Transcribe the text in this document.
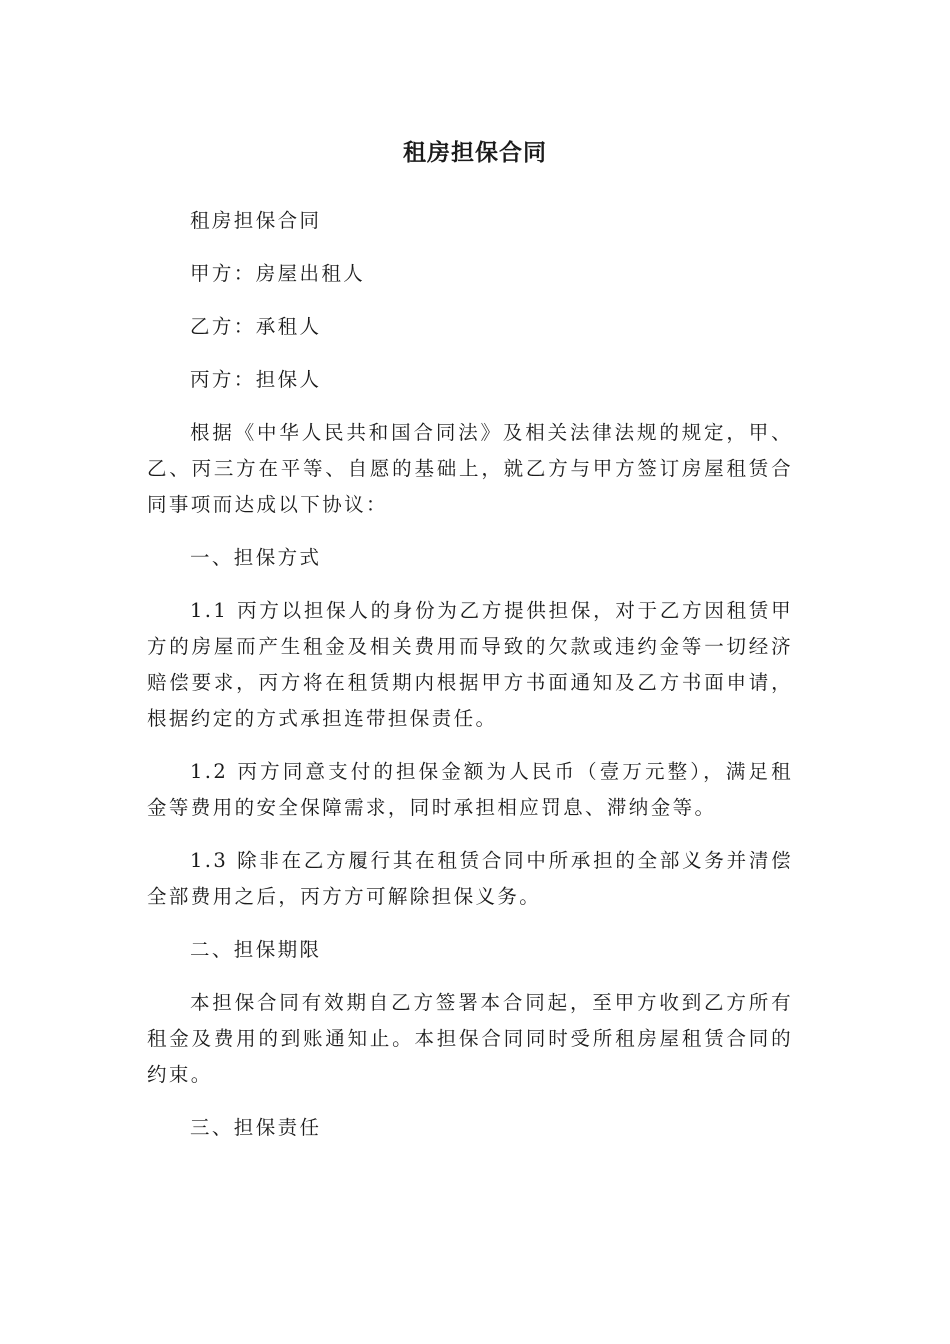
租房担保合同

租房担保合同

甲方：房屋出租人

乙方：承租人

丙方：担保人

根据《中华人民共和国合同法》及相关法律法规的规定，甲、乙、丙三方在平等、自愿的基础上，就乙方与甲方签订房屋租赁合同事项而达成以下协议：

一、担保方式

1.1 丙方以担保人的身份为乙方提供担保，对于乙方因租赁甲方的房屋而产生租金及相关费用而导致的欠款或违约金等一切经济赔偿要求，丙方将在租赁期内根据甲方书面通知及乙方书面申请，根据约定的方式承担连带担保责任。

1.2 丙方同意支付的担保金额为人民币（壹万元整），满足租金等费用的安全保障需求，同时承担相应罚息、滞纳金等。

1.3 除非在乙方履行其在租赁合同中所承担的全部义务并清偿全部费用之后，丙方方可解除担保义务。

二、担保期限

本担保合同有效期自乙方签署本合同起，至甲方收到乙方所有租金及费用的到账通知止。本担保合同同时受所租房屋租赁合同的约束。

三、担保责任
